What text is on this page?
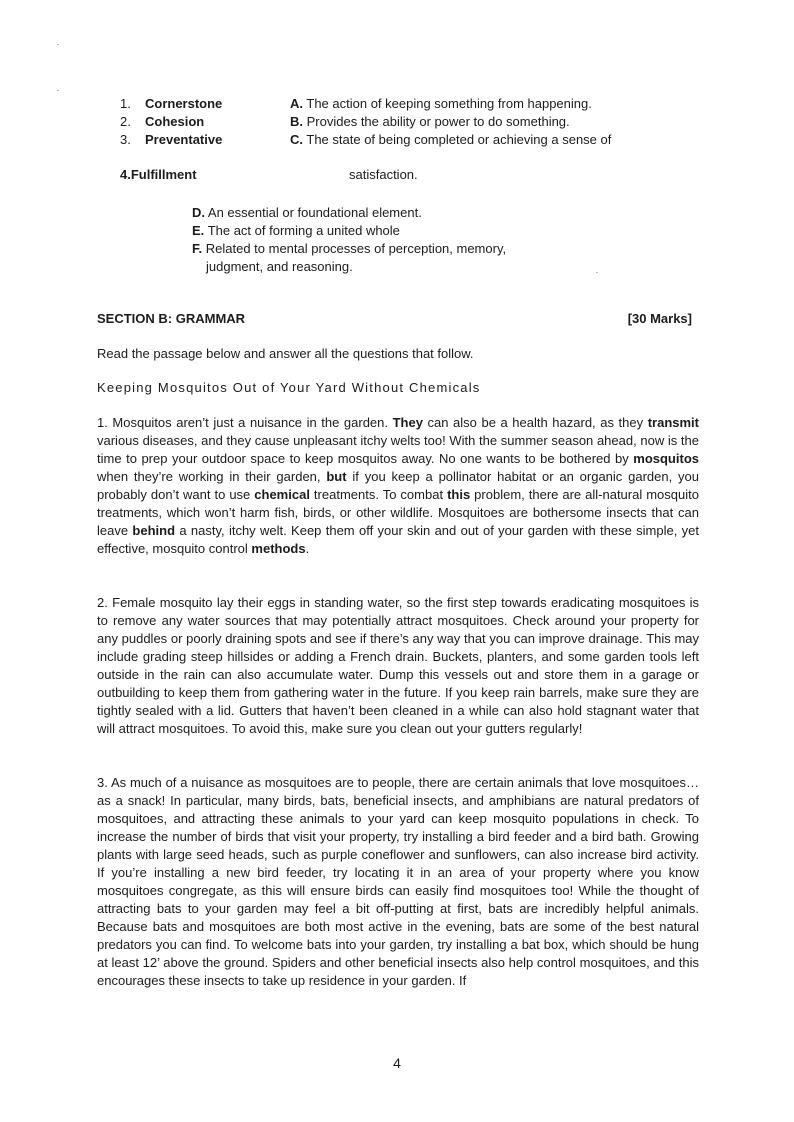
1. Cornerstone	A. The action of keeping something from happening.
2. Cohesion	B. Provides the ability or power to do something.
3. Preventative	C. The state of being completed or achieving a sense of
4.Fulfillment	satisfaction.
D. An essential or foundational element.
E. The act of forming a united whole
F. Related to mental processes of perception, memory,
judgment, and reasoning.
SECTION B: GRAMMAR	[30 Marks]
Read the passage below and answer all the questions that follow.
Keeping Mosquitos Out of Your Yard Without Chemicals

1. Mosquitos aren’t just a nuisance in the garden. They can also be a health hazard, as they transmit various diseases, and they cause unpleasant itchy welts too! With the summer season ahead, now is the time to prep your outdoor space to keep mosquitos away. No one wants to be bothered by mosquitos when they’re working in their garden, but if you keep a pollinator habitat or an organic garden, you probably don’t want to use chemical treatments. To combat this problem, there are all-natural mosquito treatments, which won’t harm fish, birds, or other wildlife. Mosquitoes are bothersome insects that can leave behind a nasty, itchy welt. Keep them off your skin and out of your garden with these simple, yet effective, mosquito control methods.

2. Female mosquito lay their eggs in standing water, so the first step towards eradicating mosquitoes is to remove any water sources that may potentially attract mosquitoes. Check around your property for any puddles or poorly draining spots and see if there’s any way that you can improve drainage. This may include grading steep hillsides or adding a French drain. Buckets, planters, and some garden tools left outside in the rain can also accumulate water. Dump this vessels out and store them in a garage or outbuilding to keep them from gathering water in the future. If you keep rain barrels, make sure they are tightly sealed with a lid. Gutters that haven’t been cleaned in a while can also hold stagnant water that will attract mosquitoes. To avoid this, make sure you clean out your gutters regularly!

3. As much of a nuisance as mosquitoes are to people, there are certain animals that love mosquitoes… as a snack! In particular, many birds, bats, beneficial insects, and amphibians are natural predators of mosquitoes, and attracting these animals to your yard can keep mosquito populations in check. To increase the number of birds that visit your property, try installing a bird feeder and a bird bath. Growing plants with large seed heads, such as purple coneflower and sunflowers, can also increase bird activity. If you’re installing a new bird feeder, try locating it in an area of your property where you know mosquitoes congregate, as this will ensure birds can easily find mosquitoes too! While the thought of attracting bats to your garden may feel a bit off-putting at first, bats are incredibly helpful animals. Because bats and mosquitoes are both most active in the evening, bats are some of the best natural predators you can find. To welcome bats into your garden, try installing a bat box, which should be hung at least 12’ above the ground. Spiders and other beneficial insects also help control mosquitoes, and this encourages these insects to take up residence in your garden. If

4
